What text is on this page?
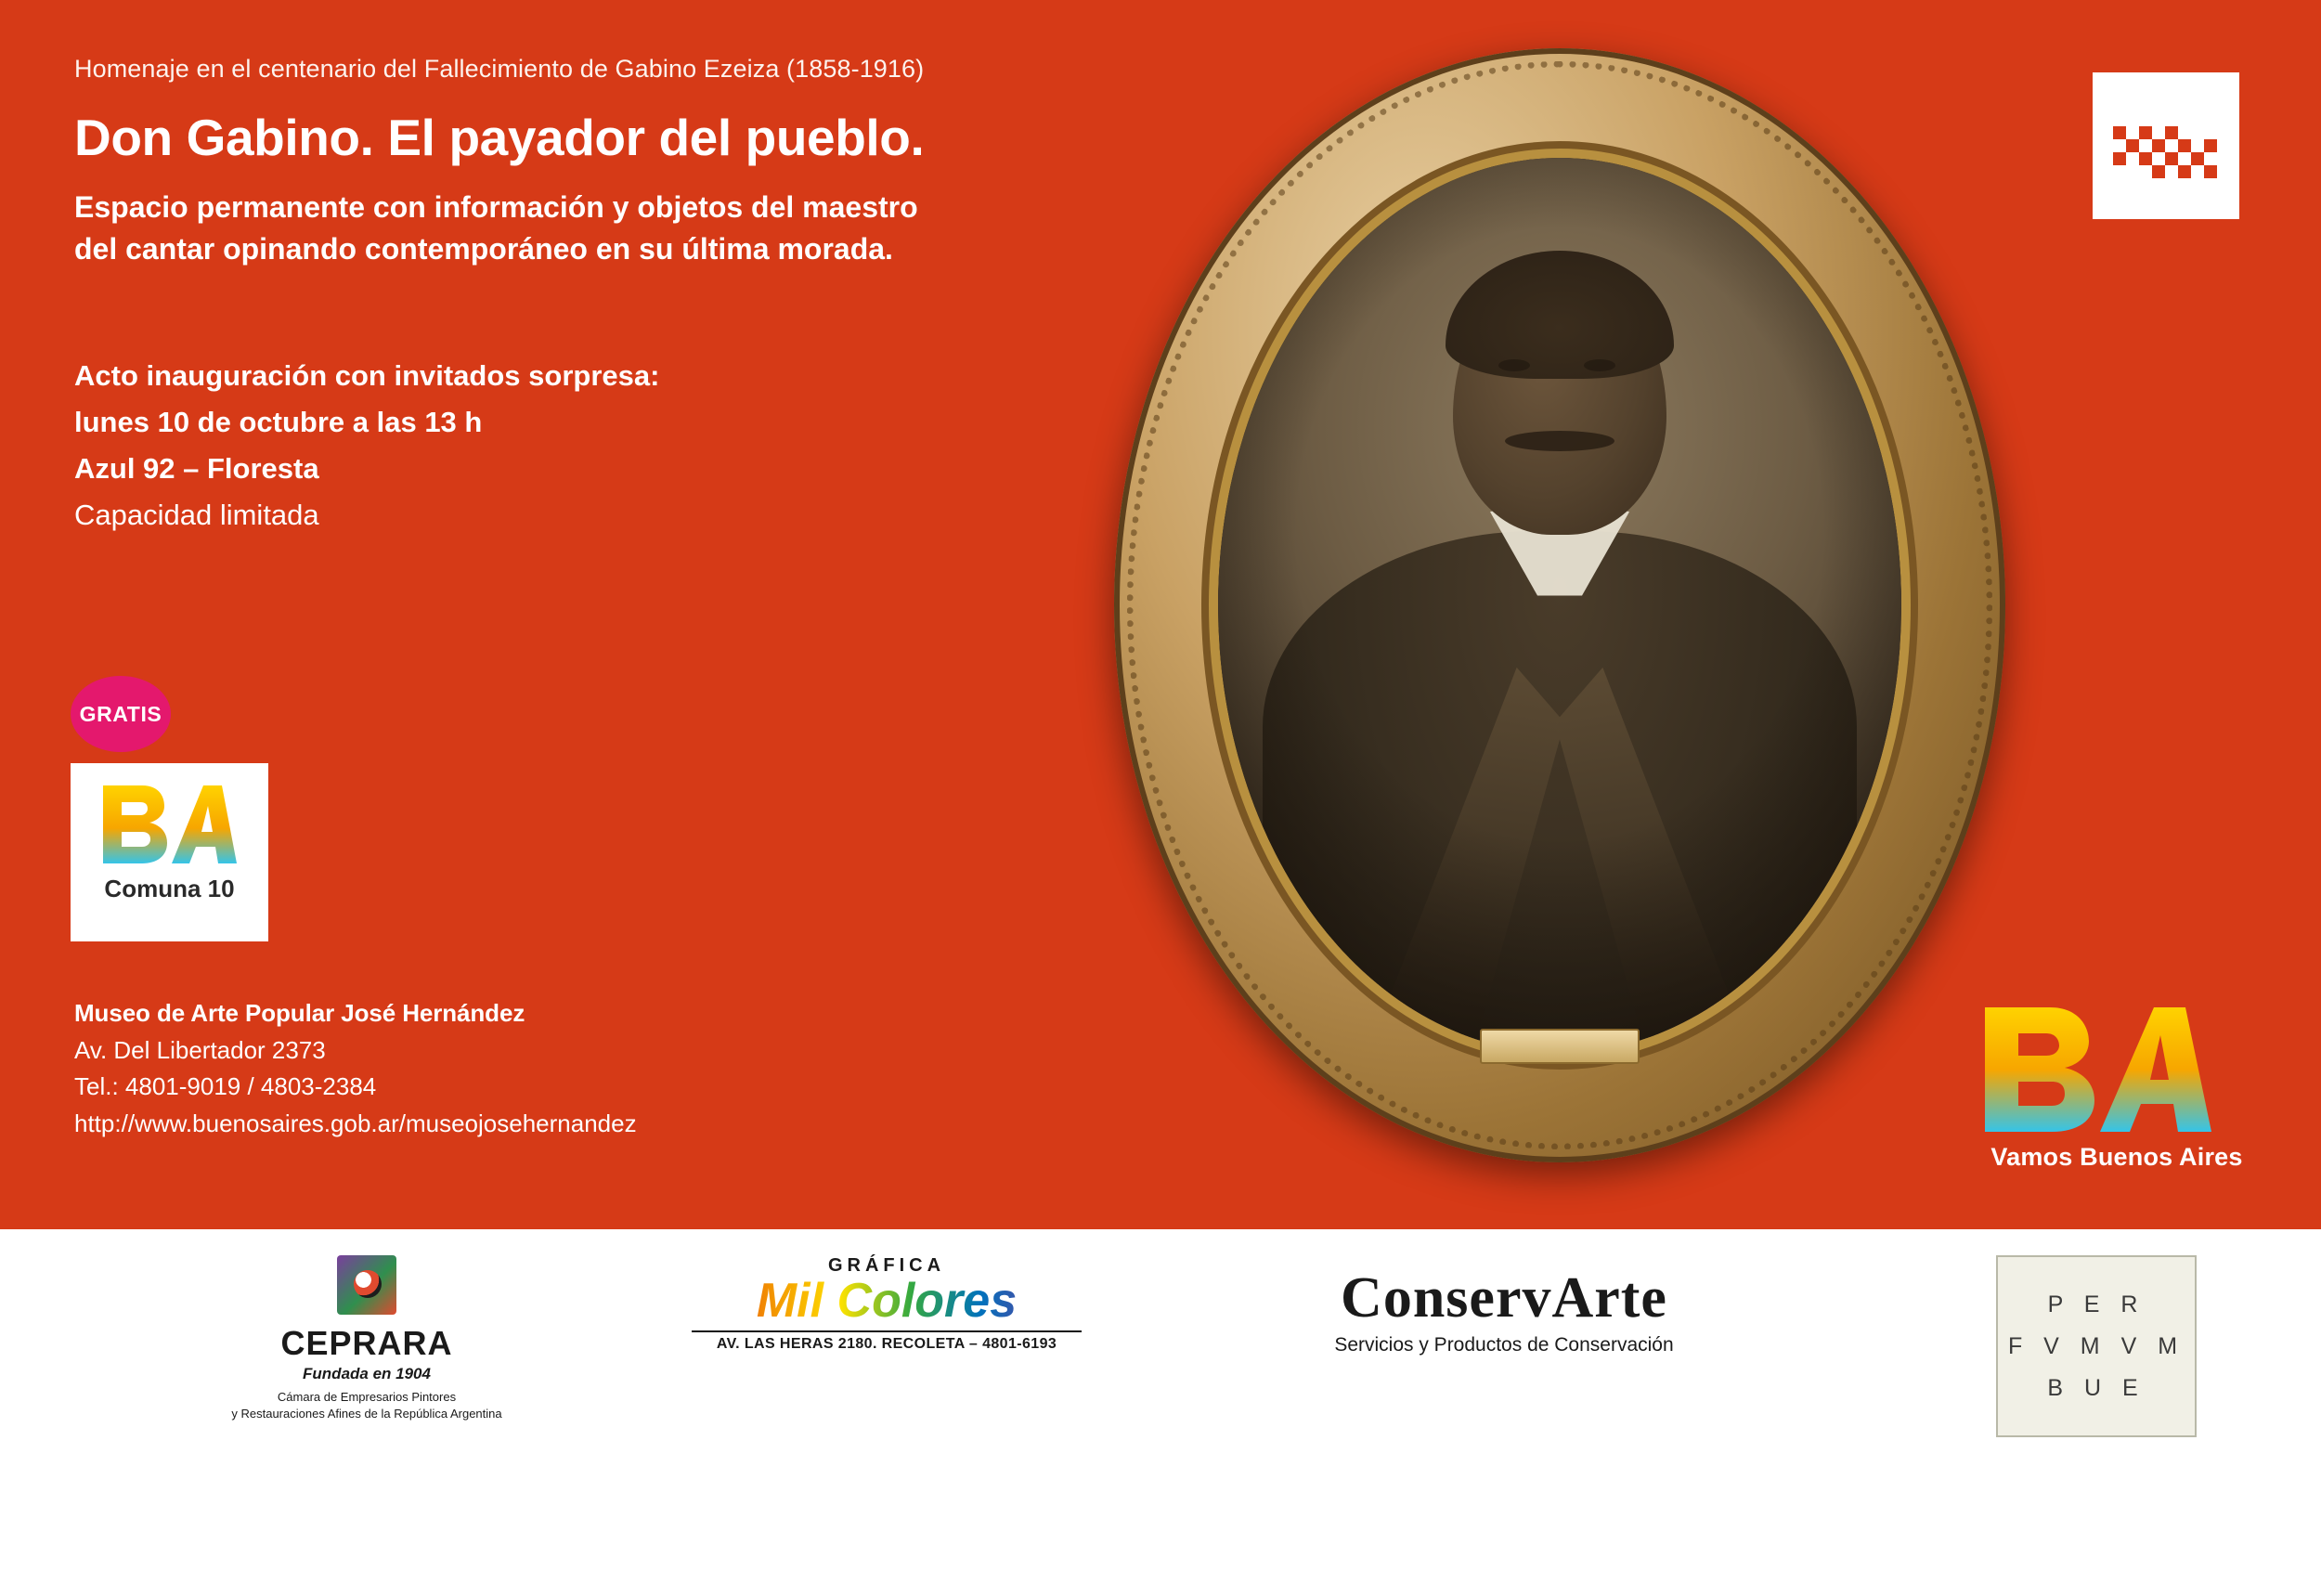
Homenaje en el centenario del Fallecimiento de Gabino Ezeiza (1858-1916)

Don Gabino. El payador del pueblo.

Espacio permanente con información y objetos del maestro

del cantar opinando contemporáneo en su última morada.

Acto inauguración con invitados sorpresa:

lunes 10 de octubre a las 13 h

Azul 92 – Floresta

Capacidad limitada

GRATIS
Comuna 10
Museo de Arte Popular José Hernández
Av. Del Libertador 2373
Tel.: 4801-9019 / 4803-2384
http://www.buenosaires.gob.ar/museojosehernandez
Vamos Buenos Aires
CEPRARA
Fundada en 1904
Cámara de Empresarios Pintores
y Restauraciones Afines de la República Argentina
GRÁFICA
Mil Colores
AV. LAS HERAS 2180. RECOLETA – 4801-6193
ConservArte
Servicios y Productos de Conservación
P E R
F V M V M
B U E
